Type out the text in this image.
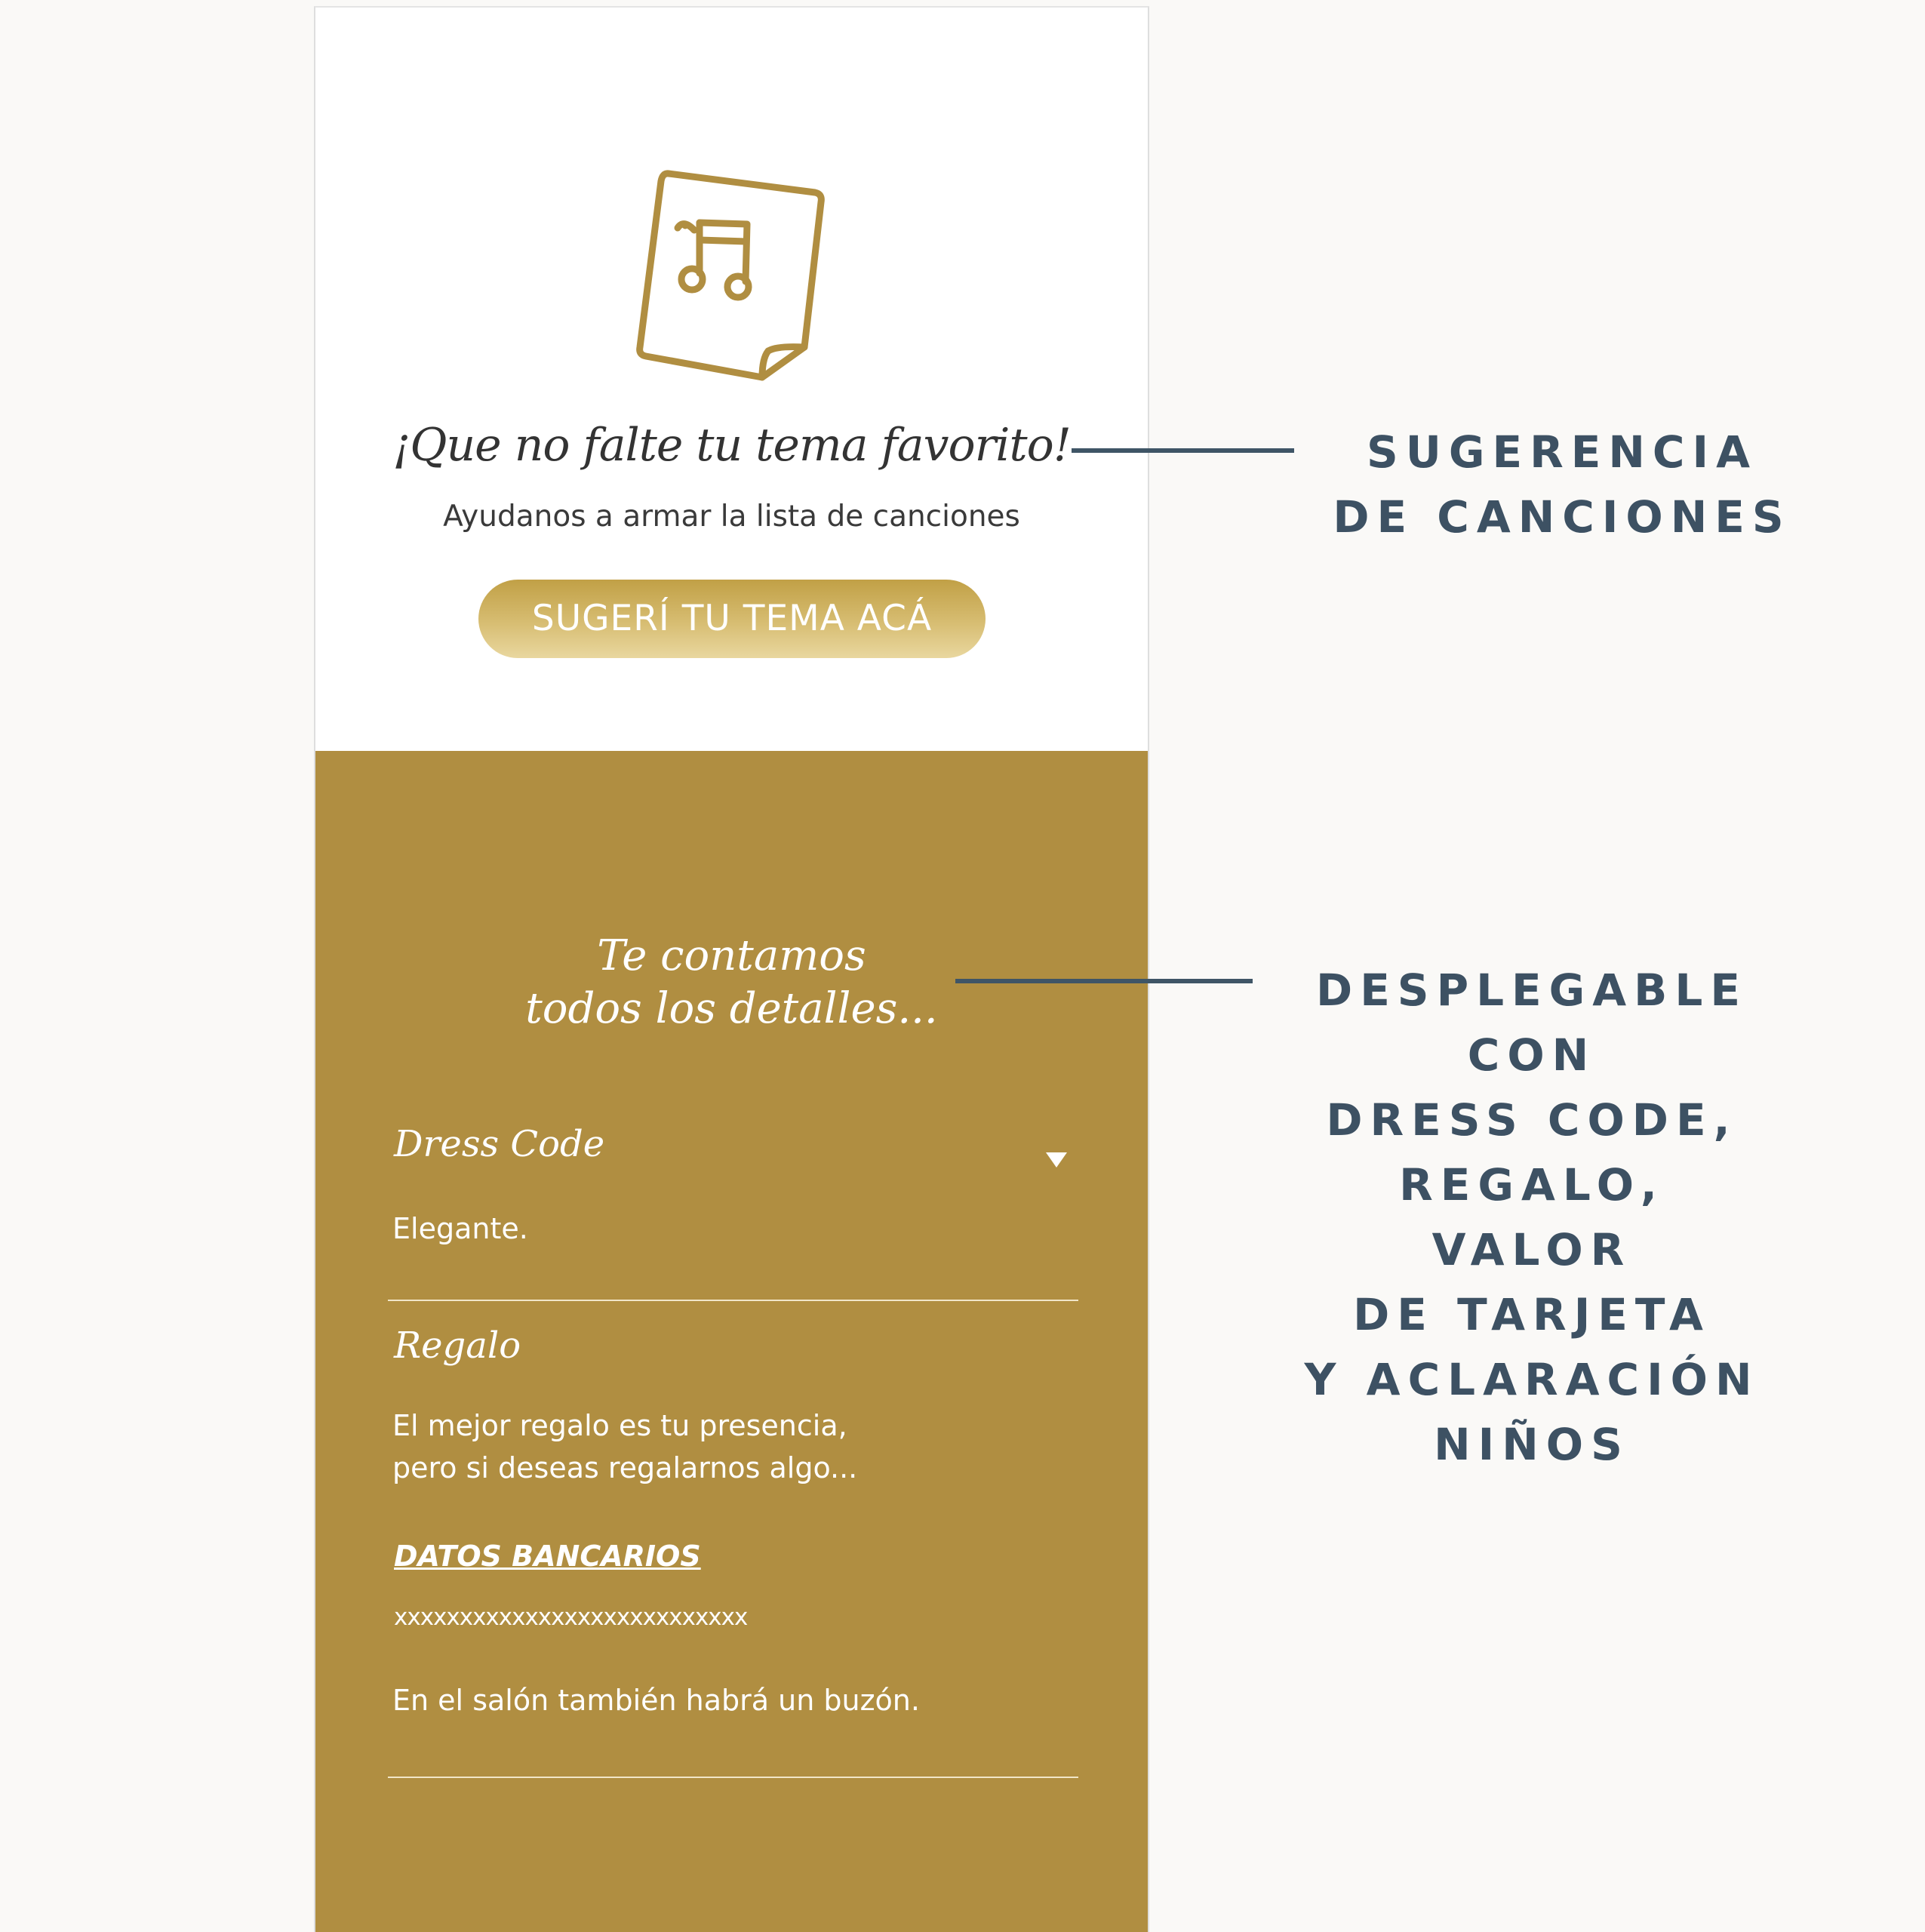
¡Que no falte tu tema favorito!
Ayudanos a armar la lista de canciones
SUGERÍ TU TEMA ACÁ
Te contamos
todos los detalles...
Dress Code
Elegante.
Regalo
El mejor regalo es tu presencia,
pero si deseas regalarnos algo...
DATOS BANCARIOS
xxxxxxxxxxxxxxxxxxxxxxxxxxx
En el salón también habrá un buzón.
SUGERENCIA
DE CANCIONES
DESPLEGABLE
CON
DRESS CODE,
REGALO,
VALOR
DE TARJETA
Y ACLARACIÓN
NIÑOS
